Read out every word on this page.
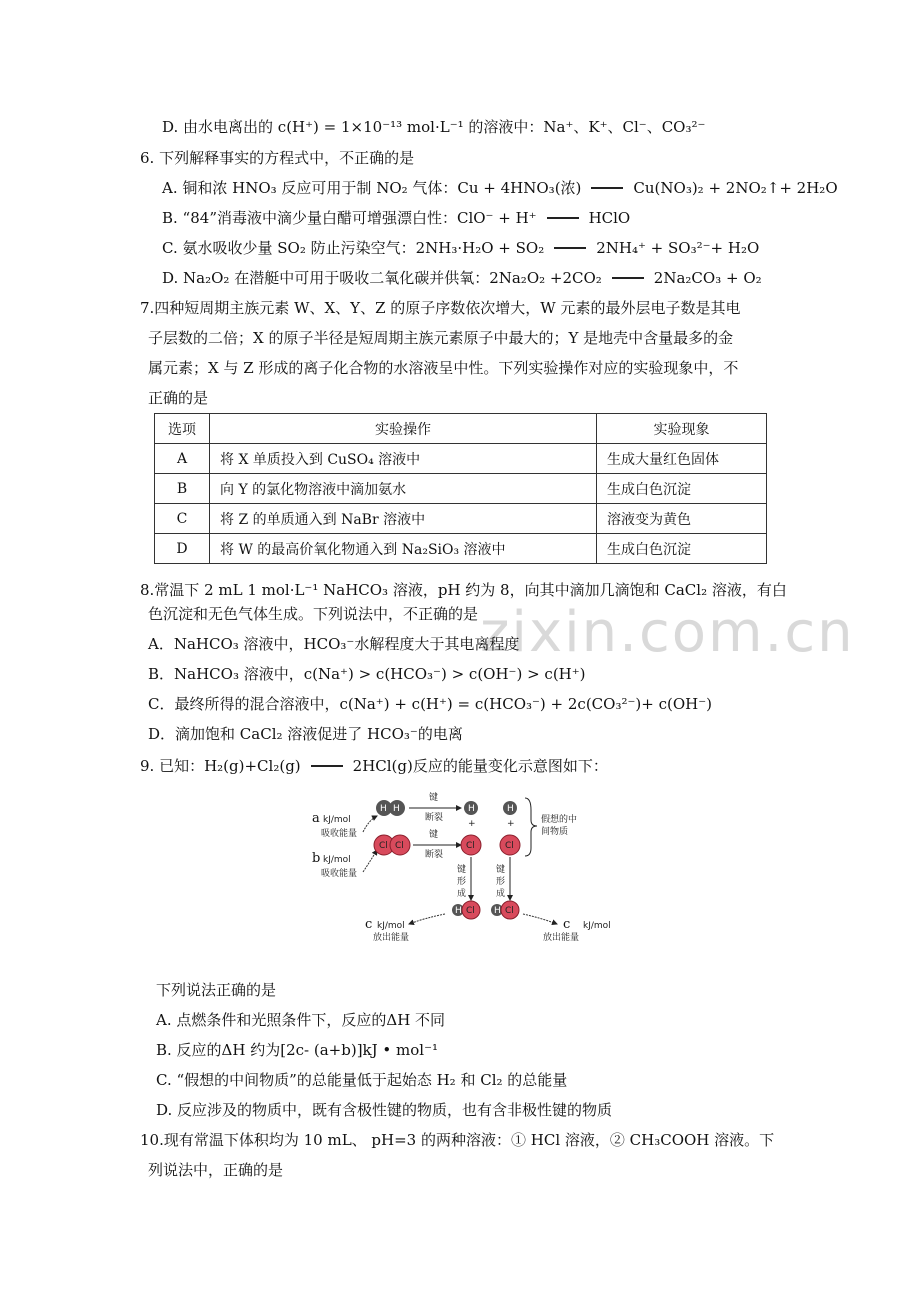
zixin.com.cn
D. 由水电离出的 c(H⁺) = 1×10⁻¹³ mol·L⁻¹ 的溶液中：Na⁺、K⁺、Cl⁻、CO₃²⁻
6. 下列解释事实的方程式中，不正确的是
A. 铜和浓 HNO₃ 反应可用于制 NO₂ 气体：Cu + 4HNO₃(浓)	Cu(NO₃)₂ + 2NO₂↑+ 2H₂O
B. “84”消毒液中滴少量白醋可增强漂白性：ClO⁻ + H⁺	HClO
C. 氨水吸收少量 SO₂ 防止污染空气：2NH₃·H₂O + SO₂	2NH₄⁺ + SO₃²⁻+ H₂O
D. Na₂O₂ 在潜艇中可用于吸收二氧化碳并供氧：2Na₂O₂ +2CO₂	2Na₂CO₃ + O₂
7.四种短周期主族元素 W、X、Y、Z 的原子序数依次增大，W 元素的最外层电子数是其电
子层数的二倍；X 的原子半径是短周期主族元素原子中最大的；Y 是地壳中含量最多的金
属元素；X 与 Z 形成的离子化合物的水溶液呈中性。下列实验操作对应的实验现象中，不
正确的是
选项	实验操作	实验现象
A	将 X 单质投入到 CuSO₄ 溶液中	生成大量红色固体
B	向 Y 的氯化物溶液中滴加氨水	生成白色沉淀
C	将 Z 的单质通入到 NaBr 溶液中	溶液变为黄色
D	将 W 的最高价氧化物通入到 Na₂SiO₃ 溶液中	生成白色沉淀
8.常温下 2 mL 1 mol·L⁻¹ NaHCO₃ 溶液，pH 约为 8，向其中滴加几滴饱和 CaCl₂ 溶液，有白
色沉淀和无色气体生成。下列说法中，不正确的是
A．NaHCO₃ 溶液中，HCO₃⁻水解程度大于其电离程度
B．NaHCO₃ 溶液中，c(Na⁺) > c(HCO₃⁻) > c(OH⁻) > c(H⁺)
C．最终所得的混合溶液中，c(Na⁺) + c(H⁺) = c(HCO₃⁻) + 2c(CO₃²⁻)+ c(OH⁻)
D．滴加饱和 CaCl₂ 溶液促进了 HCO₃⁻的电离
9. 已知：H₂(g)+Cl₂(g)	2HCl(g)反应的能量变化示意图如下：
a kJ/mol
吸收能量
b kJ/mol
吸收能量
H H
Cl Cl
键
断裂
键
断裂
H
+
Cl
H
+
Cl
假想的中
间物质
键
形
成
键
形
成
H Cl H Cl
c kJ/mol
放出能量
c kJ/mol
放出能量
下列说法正确的是
A. 点燃条件和光照条件下，反应的ΔH 不同
B. 反应的ΔH 约为[2c- (a+b)]kJ • mol⁻¹
C. “假想的中间物质”的总能量低于起始态 H₂ 和 Cl₂ 的总能量
D. 反应涉及的物质中，既有含极性键的物质，也有含非极性键的物质
10.现有常温下体积均为 10 mL、 pH=3 的两种溶液：① HCl 溶液，② CH₃COOH 溶液。下
列说法中，正确的是
